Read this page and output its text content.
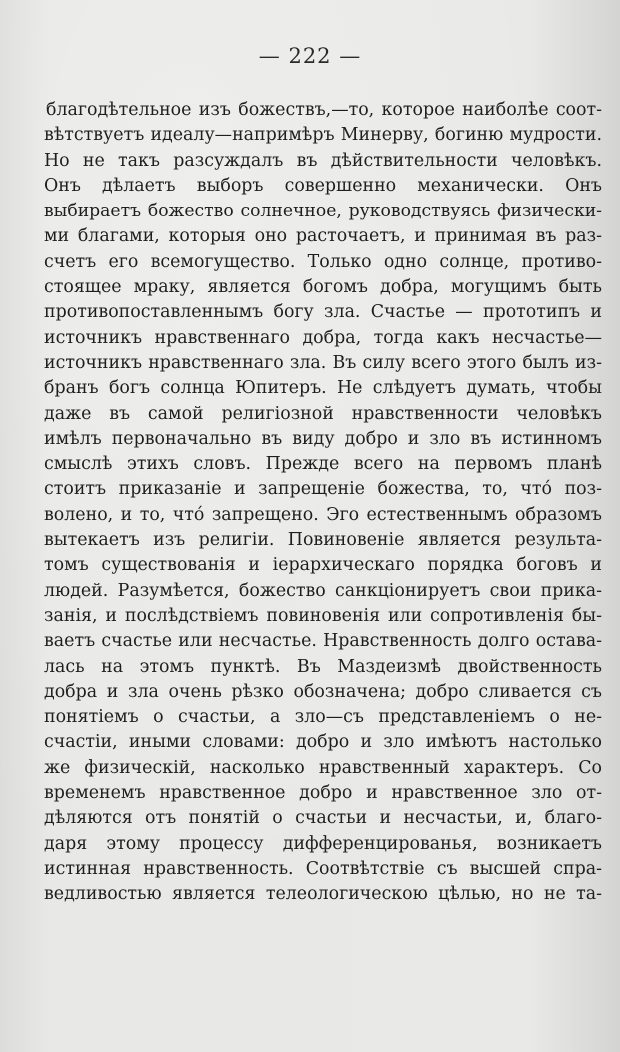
— 222 —
благодѣтельное изъ божествъ,—то, которое наиболѣе соот-
вѣтствуетъ идеалу—напримѣръ Минерву, богиню мудрости.
Но не такъ разсуждалъ въ дѣйствительности человѣкъ.
Онъ дѣлаетъ выборъ совершенно механически. Онъ
выбираетъ божество солнечное, руководствуясь физически-
ми благами, которыя оно расточаетъ, и принимая въ раз-
счетъ его всемогущество. Только одно солнце, противо-
стоящее мраку, является богомъ добра, могущимъ быть
противопоставленнымъ богу зла. Счастье — прототипъ и
источникъ нравственнаго добра, тогда какъ несчастье—
источникъ нравственнаго зла. Въ силу всего этого былъ из-
бранъ богъ солнца Юпитеръ. Не слѣдуетъ думать, чтобы
даже въ самой религіозной нравственности человѣкъ
имѣлъ первоначально въ виду добро и зло въ истинномъ
смыслѣ этихъ словъ. Прежде всего на первомъ планѣ
стоитъ приказаніе и запрещеніе божества, то, что́ поз-
волено, и то, что́ запрещено. Эго естественнымъ образомъ
вытекаетъ изъ религіи. Повиновеніе является результа-
томъ существованія и іерархическаго порядка боговъ и
людей. Разумѣется, божество санкціонируетъ свои прика-
занія, и послѣдствіемъ повиновенія или сопротивленія бы-
ваетъ счастье или несчастье. Нравственность долго остава-
лась на этомъ пунктѣ. Въ Маздеизмѣ двойственность
добра и зла очень рѣзко обозначена; добро сливается съ
понятіемъ о счастьи, а зло—съ представленіемъ о не-
счастіи, иными словами: добро и зло имѣютъ настолько
же физическій, насколько нравственный характеръ. Со
временемъ нравственное добро и нравственное зло от-
дѣляются отъ понятій о счастьи и несчастьи, и, благо-
даря этому процессу дифференцированья, возникаетъ
истинная нравственность. Соотвѣтствіе съ высшей спра-
ведливостью является телеологическою цѣлью, но не та-
